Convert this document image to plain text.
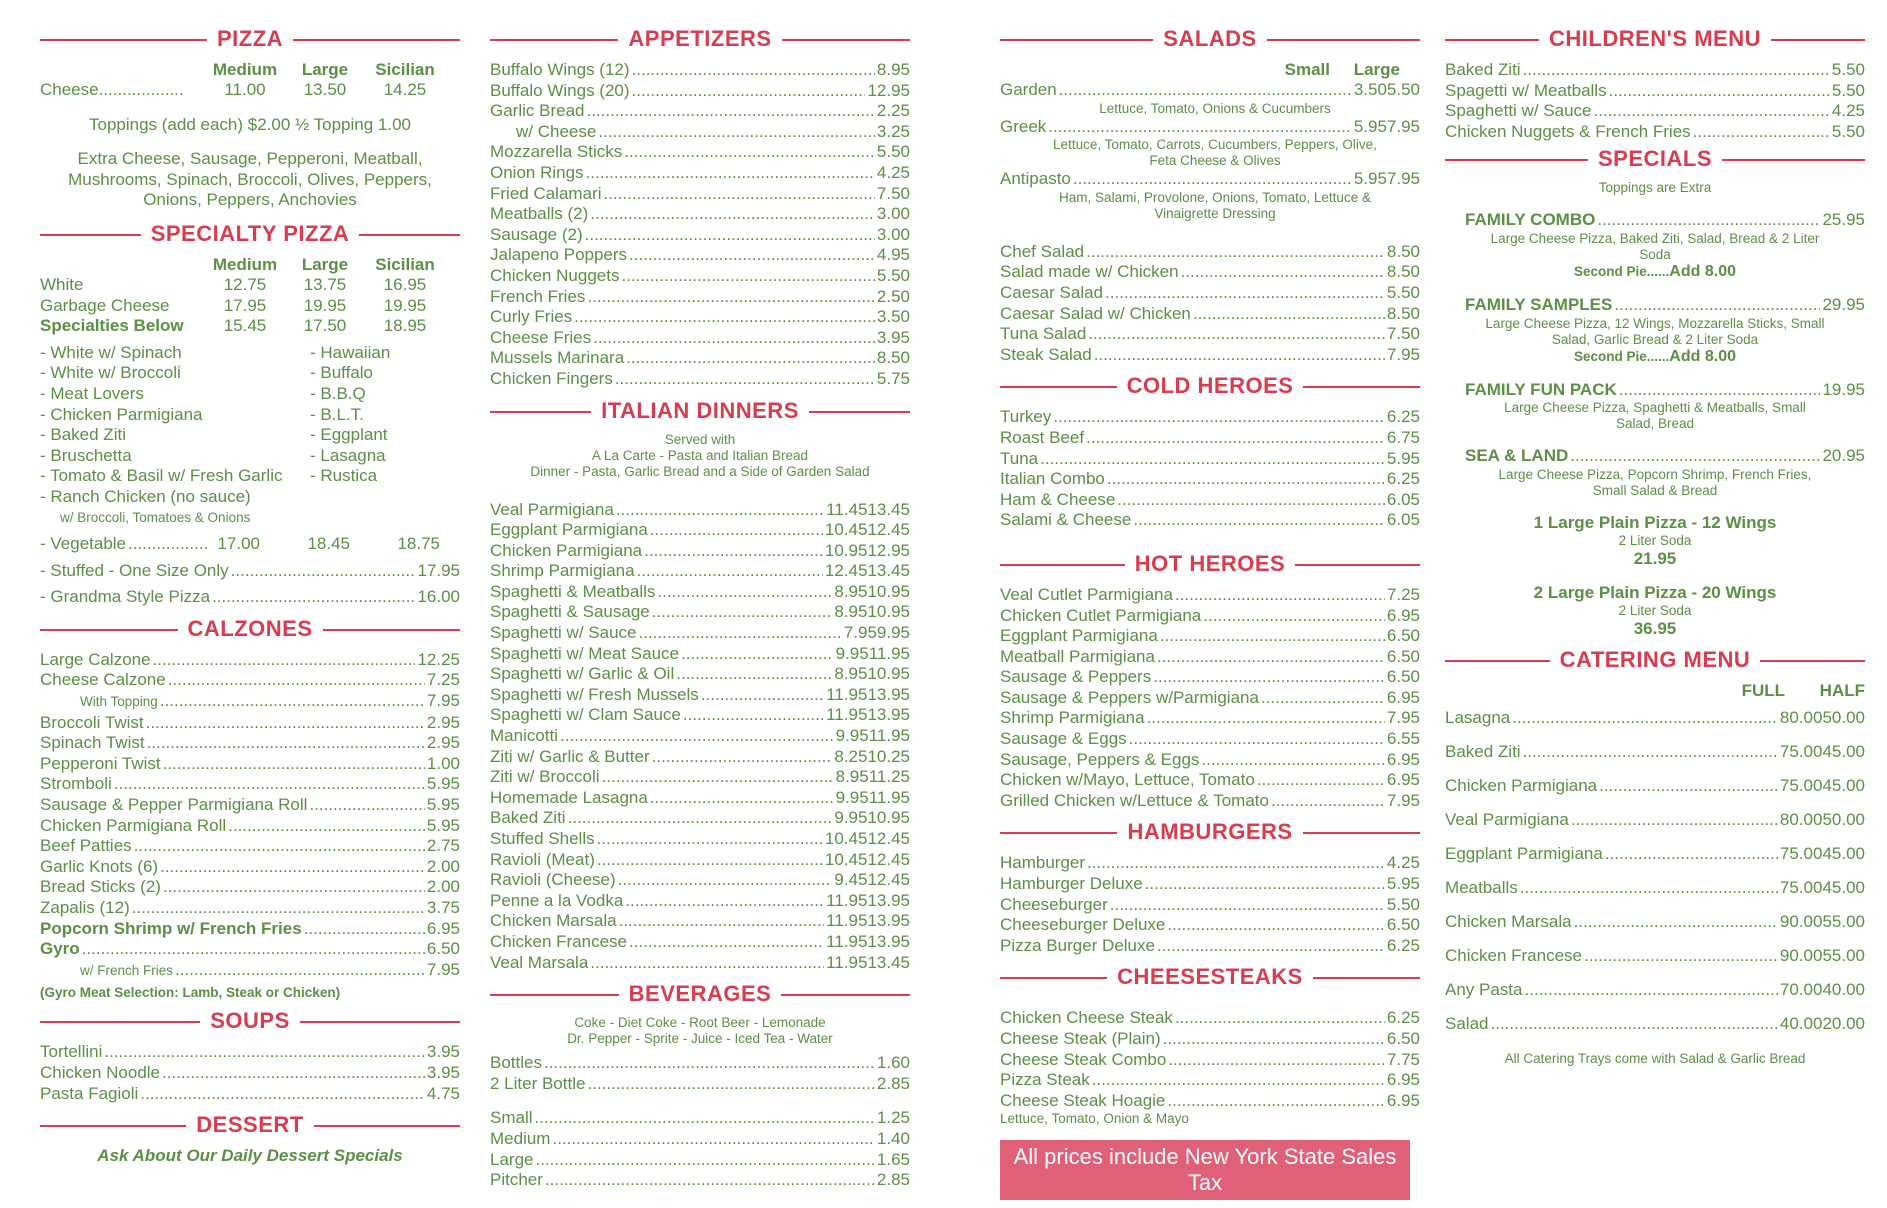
PIZZA
Medium	Large	Sicilian
Cheese..................	11.00	13.50	14.25
Toppings (add each) $2.00 ½ Topping 1.00
Extra Cheese, Sausage, Pepperoni, Meatball, Mushrooms, Spinach, Broccoli, Olives, Peppers, Onions, Peppers, Anchovies
SPECIALTY PIZZA
Medium	Large	Sicilian
White	12.75	13.75	16.95
Garbage Cheese	17.95	19.95	19.95
Specialties Below	15.45	17.50	18.95
- White w/ Spinach
- White w/ Broccoli
- Meat Lovers
- Chicken Parmigiana
- Baked Ziti
- Bruschetta
- Tomato & Basil w/ Fresh Garlic
- Ranch Chicken (no sauce)
w/ Broccoli, Tomatoes & Onions
- Hawaiian
- Buffalo
- B.B.Q
- B.L.T.
- Eggplant
- Lasagna
- Rustica
- Vegetable .....	17.00	18.45	18.75
- Stuffed - One Size Only .....	17.95
- Grandma Style Pizza .....	16.00
CALZONES
Large Calzone .....	12.25
Cheese Calzone .....	7.25
With Topping .....	7.95
Broccoli Twist .....	2.95
Spinach Twist .....	2.95
Pepperoni Twist .....	1.00
Stromboli .....	5.95
Sausage & Pepper Parmigiana Roll .....	5.95
Chicken Parmigiana Roll .....	5.95
Beef Patties .....	2.75
Garlic Knots (6) .....	2.00
Bread Sticks (2) .....	2.00
Zapalis (12) .....	3.75
Popcorn Shrimp w/ French Fries .....	6.95
Gyro .....	6.50
w/ French Fries .....	7.95
(Gyro Meat Selection: Lamb, Steak or Chicken)
SOUPS
Tortellini .....	3.95
Chicken Noodle .....	3.95
Pasta Fagioli .....	4.75
DESSERT
Ask About Our Daily Dessert Specials
APPETIZERS
Buffalo Wings (12) .....	8.95
Buffalo Wings (20) .....	12.95
Garlic Bread .....	2.25
w/ Cheese .....	3.25
Mozzarella Sticks .....	5.50
Onion Rings .....	4.25
Fried Calamari .....	7.50
Meatballs (2) .....	3.00
Sausage (2) .....	3.00
Jalapeno Poppers .....	4.95
Chicken Nuggets .....	5.50
French Fries .....	2.50
Curly Fries .....	3.50
Cheese Fries .....	3.95
Mussels Marinara .....	8.50
Chicken Fingers .....	5.75
ITALIAN DINNERS
Served with
A La Carte - Pasta and Italian Bread
Dinner - Pasta, Garlic Bread and a Side of Garden Salad
Veal Parmigiana .....	11.45 13.45
Eggplant Parmigiana .....	10.45 12.45
Chicken Parmigiana .....	10.95 12.95
Shrimp Parmigiana .....	12.45 13.45
Spaghetti & Meatballs .....	8.95 10.95
Spaghetti & Sausage .....	8.95 10.95
Spaghetti w/ Sauce .....	7.95 9.95
Spaghetti w/ Meat Sauce .....	9.95 11.95
Spaghetti w/ Garlic & Oil .....	8.95 10.95
Spaghetti w/ Fresh Mussels .....	11.95 13.95
Spaghetti w/ Clam Sauce .....	11.95 13.95
Manicotti .....	9.95 11.95
Ziti w/ Garlic & Butter .....	8.25 10.25
Ziti w/ Broccoli .....	8.95 11.25
Homemade Lasagna .....	9.95 11.95
Baked Ziti .....	9.95 10.95
Stuffed Shells .....	10.45 12.45
Ravioli (Meat) .....	10.45 12.45
Ravioli (Cheese) .....	9.45 12.45
Penne a la Vodka .....	11.95 13.95
Chicken Marsala .....	11.95 13.95
Chicken Francese .....	11.95 13.95
Veal Marsala .....	11.95 13.45
BEVERAGES
Coke - Diet Coke - Root Beer - Lemonade
Dr. Pepper - Sprite - Juice - Iced Tea - Water
Bottles .....	1.60
2 Liter Bottle .....	2.85
Small .....	1.25
Medium .....	1.40
Large .....	1.65
Pitcher .....	2.85
SALADS
Small	Large
Garden .....	3.50 5.50
Lettuce, Tomato, Onions & Cucumbers
Greek .....	5.95 7.95
Lettuce, Tomato, Carrots, Cucumbers, Peppers, Olive, Feta Cheese & Olives
Antipasto .....	5.95 7.95
Ham, Salami, Provolone, Onions, Tomato, Lettuce & Vinaigrette Dressing
Chef Salad .....	8.50
Salad made w/ Chicken .....	8.50
Caesar Salad .....	5.50
Caesar Salad w/ Chicken .....	8.50
Tuna Salad .....	7.50
Steak Salad .....	7.95
COLD HEROES
Turkey .....	6.25
Roast Beef .....	6.75
Tuna .....	5.95
Italian Combo .....	6.25
Ham & Cheese .....	6.05
Salami & Cheese .....	6.05
HOT HEROES
Veal Cutlet Parmigiana .....	7.25
Chicken Cutlet Parmigiana .....	6.95
Eggplant Parmigiana .....	6.50
Meatball Parmigiana .....	6.50
Sausage & Peppers .....	6.50
Sausage & Peppers w/Parmigiana .....	6.95
Shrimp Parmigiana .....	7.95
Sausage & Eggs .....	6.55
Sausage, Peppers & Eggs .....	6.95
Chicken w/Mayo, Lettuce, Tomato .....	6.95
Grilled Chicken w/Lettuce & Tomato .....	7.95
HAMBURGERS
Hamburger .....	4.25
Hamburger Deluxe .....	5.95
Cheeseburger .....	5.50
Cheeseburger Deluxe .....	6.50
Pizza Burger Deluxe .....	6.25
CHEESESTEAKS
Chicken Cheese Steak .....	6.25
Cheese Steak (Plain) .....	6.50
Cheese Steak Combo .....	7.75
Pizza Steak .....	6.95
Cheese Steak Hoagie .....	6.95
Lettuce, Tomato, Onion & Mayo
All prices include New York State Sales Tax
CHILDREN'S MENU
Baked Ziti .....	5.50
Spagetti w/ Meatballs .....	5.50
Spaghetti w/ Sauce .....	4.25
Chicken Nuggets & French Fries .....	5.50
SPECIALS
Toppings are Extra
FAMILY COMBO .....	25.95
Large Cheese Pizza, Baked Ziti, Salad, Bread & 2 Liter Soda
Second Pie......Add 8.00
FAMILY SAMPLES .....	29.95
Large Cheese Pizza, 12 Wings, Mozzarella Sticks, Small Salad, Garlic Bread & 2 Liter Soda
Second Pie......Add 8.00
FAMILY FUN PACK .....	19.95
Large Cheese Pizza, Spaghetti & Meatballs, Small Salad, Bread
SEA & LAND .....	20.95
Large Cheese Pizza, Popcorn Shrimp, French Fries, Small Salad & Bread
1 Large Plain Pizza - 12 Wings
2 Liter Soda
21.95
2 Large Plain Pizza - 20 Wings
2 Liter Soda
36.95
CATERING MENU
FULL	HALF
Lasagna .....	80.00 50.00
Baked Ziti .....	75.00 45.00
Chicken Parmigiana .....	75.00 45.00
Veal Parmigiana .....	80.00 50.00
Eggplant Parmigiana .....	75.00 45.00
Meatballs .....	75.00 45.00
Chicken Marsala .....	90.00 55.00
Chicken Francese .....	90.00 55.00
Any Pasta .....	70.00 40.00
Salad .....	40.00 20.00
All Catering Trays come with Salad & Garlic Bread
